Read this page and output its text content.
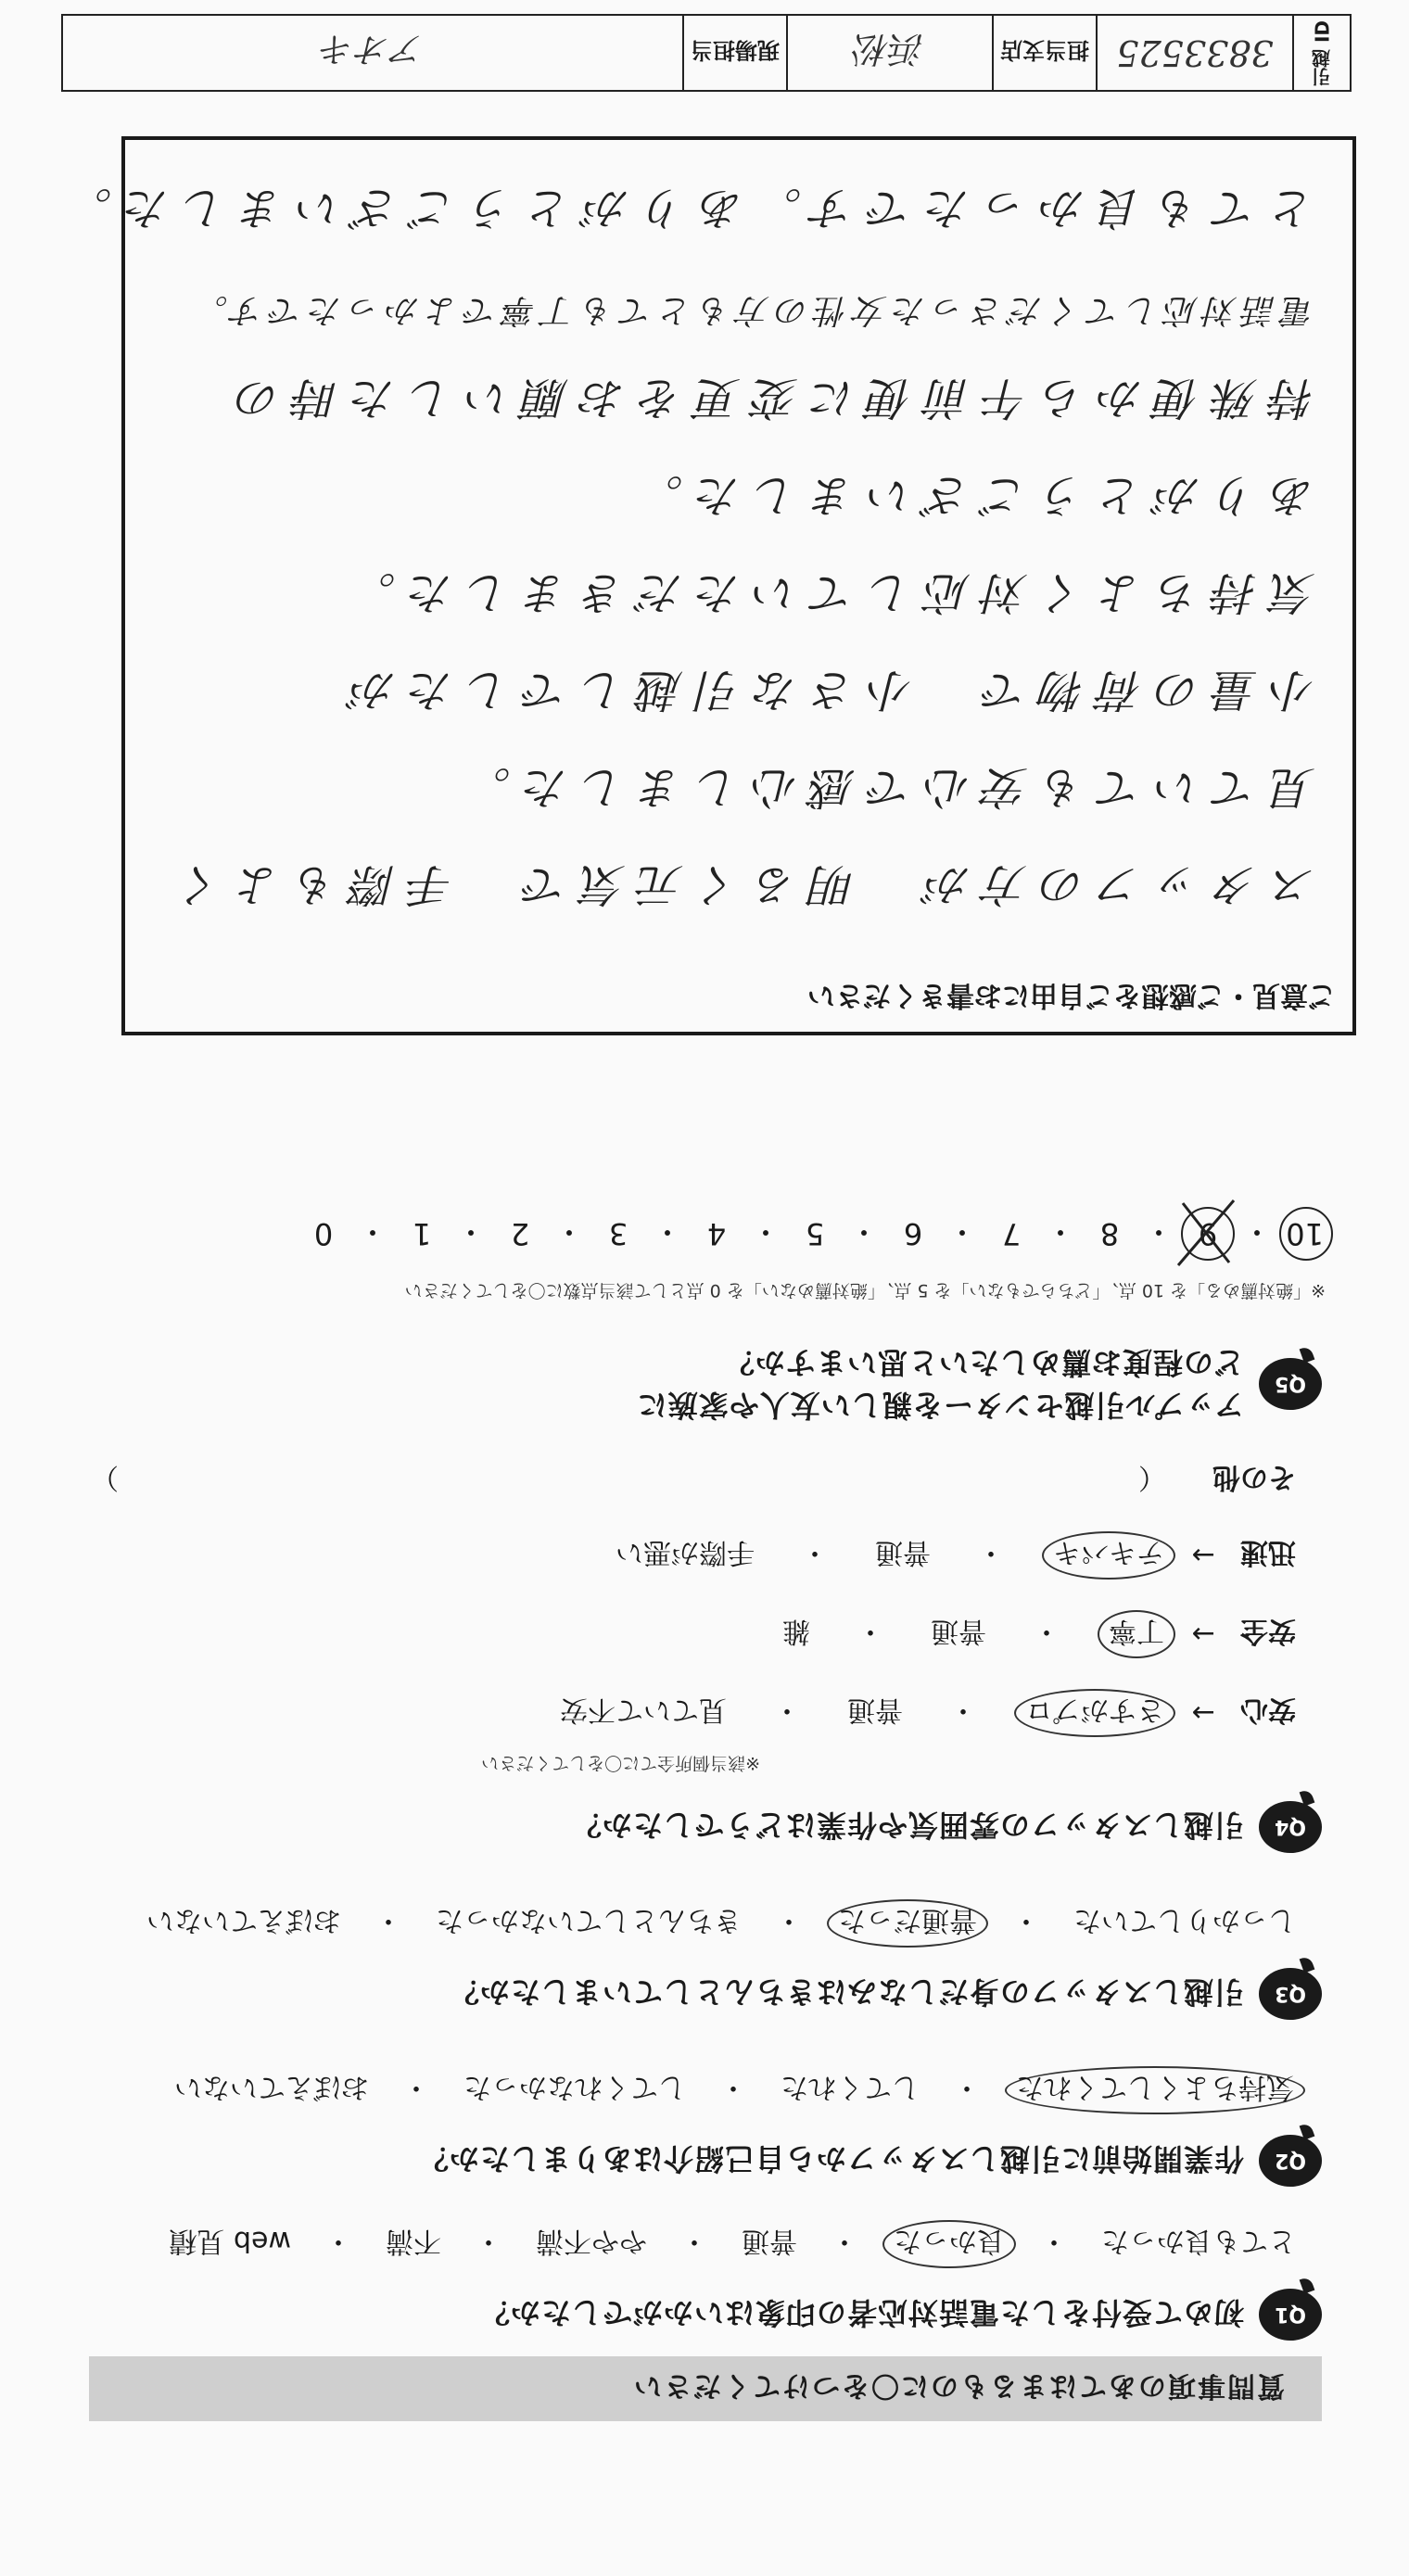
質問事項のあてはまるものに〇をつけてください
Q1
初めて受付をした電話対応者の印象はいかがでしたか？
とても良かった
・
良かった
・
普通
・
やや不満
・
不満
・
web 見積
Q2
作業開始前に引越しスタッフから自己紹介はありましたか？
気持ちよくしてくれた
・
してくれた
・
してくれなかった
・
おぼえていない
Q3
引越しスタッフの身だしなみはきちんとしていましたか？
しっかりしていた
・
普通だった
・
きちんとしていなかった
・
おぼえていない
Q4
引越しスタッフの雰囲気や作業はどうでしたか？
※該当個所全てに〇をしてください
安心
→
さすがプロ
・
普通
・
見ていて不安
安全
→
丁寧
・
普通
・
雑
迅速
→
テキパキ
・
普通
・
手際が悪い
その他
（
）
Q5
アップル引越センターを親しい友人や家族に
どの程度お薦めしたいと思いますか？
※「絶対薦める」を 10 点、「どちらでもない」を 5 点、「絶対薦めない」を 0 点として該当点数に〇をしてください
10
・
9
・
8
・
7
・
6
・
5
・
4
・
3
・
2
・
1
・
0
ご意見・ご感想をご自由にお書きください
スタッフの方が　明るく元気で　手際もよく
見ていても安心で感心しました。
小量の荷物で　小さな引越しでしたが
気持ちよく対応していただきました。
ありがとうございました。
特殊便から午前便に変更をお願いした時の
電話対応してくださった女性の方もとても丁寧でよかったです。
とても良かったです。ありがとうございました。
引越 ID
3833525
担当支店
浜松
現場担当
アオキ
